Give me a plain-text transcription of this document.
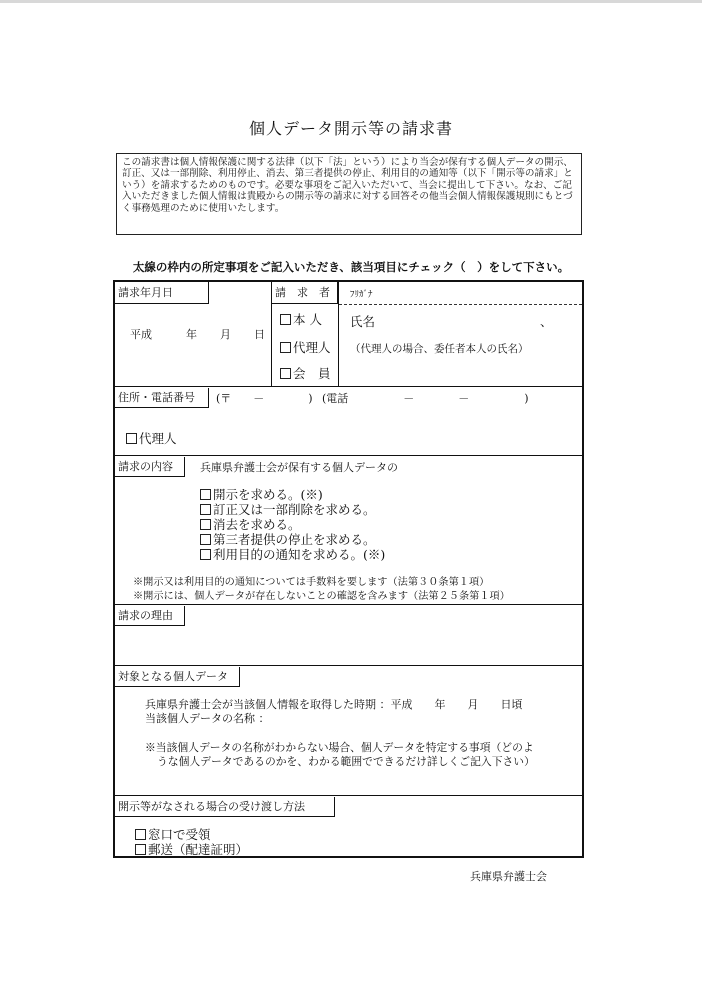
個人データ開示等の請求書
この請求書は個人情報保護に関する法律（以下「法」という）により当会が保有する個人データの開示、訂正、又は一部削除、利用停止、消去、第三者提供の停止、利用目的の通知等（以下「開示等の請求」という）を請求するためのものです。必要な事項をご記入いただいて、当会に提出して下さい。なお、ご記入いただきました個人情報は貴殿からの開示等の請求に対する回答その他当会個人情報保護規則にもとづく事務処理のために使用いたします。
太線の枠内の所定事項をご記入いただき、該当項目にチェック（　）をして下さい。
請求年月日
平成	年 月 日
請　求　者	ﾌﾘｶﾞﾅ
本 人
代理人
会　員
氏名	、
（代理人の場合、委任者本人の氏名）
住所・電話番号	(〒　　－　　　　) (電話　　　　　－　　　　－　　　　　)
代理人
請求の内容	兵庫県弁護士会が保有する個人データの
開示を求める。(※)
訂正又は一部削除を求める。
消去を求める。
第三者提供の停止を求める。
利用目的の通知を求める。(※)
※開示又は利用目的の通知については手数料を要します（法第３０条第１項）
※開示には、個人データが存在しないことの確認を含みます（法第２５条第１項）
請求の理由
対象となる個人データ
兵庫県弁護士会が当該個人情報を取得した時期 ：平成　　年　　月　　日頃
当該個人データの名称 ：
※当該個人データの名称がわからない場合、個人データを特定する事項（どのよ
うな個人データであるのかを、わかる範囲でできるだけ詳しくご記入下さい）
開示等がなされる場合の受け渡し方法
窓口で受領
郵送（配達証明）
兵庫県弁護士会
